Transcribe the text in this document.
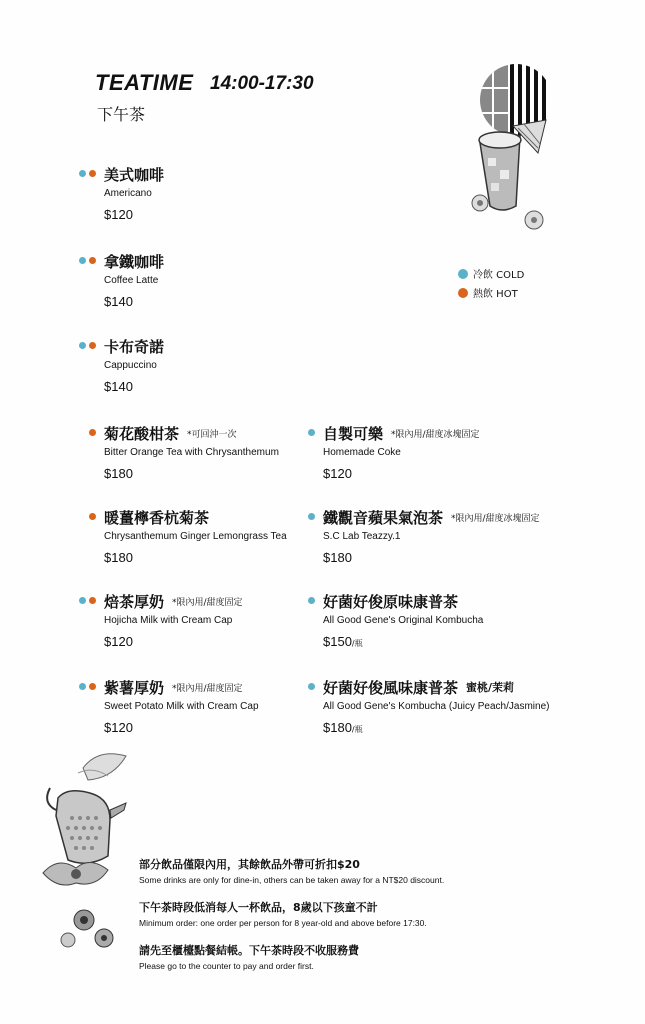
TEATIME 14:00-17:30
下午茶
冷飲 COLD
熱飲 HOT
美式咖啡
Americano
$120
拿鐵咖啡
Coffee Latte
$140
卡布奇諾
Cappuccino
$140
菊花酸柑茶 *可回沖一次
Bitter Orange Tea with Chrysanthemum
$180
暖薑檸香杭菊茶
Chrysanthemum Ginger Lemongrass Tea
$180
焙茶厚奶 *限內用/甜度固定
Hojicha Milk with Cream Cap
$120
紫薯厚奶 *限內用/甜度固定
Sweet Potato Milk with Cream Cap
$120
自製可樂 *限內用/甜度冰塊固定
Homemade Coke
$120
鐵觀音蘋果氣泡茶 *限內用/甜度冰塊固定
S.C Lab Teazzy.1
$180
好菌好俊原味康普茶
All Good Gene's Original Kombucha
$150/瓶
好菌好俊風味康普茶 蜜桃/茉莉
All Good Gene's Kombucha (Juicy Peach/Jasmine)
$180/瓶
部分飲品僅限內用，其餘飲品外帶可折扣$20
Some drinks are only for dine-in, others can be taken away for a NT$20 discount.
下午茶時段低消每人一杯飲品，8歲以下孩童不計
Minimum order: one order per person for 8 year-old and above before 17:30.
請先至櫃檯點餐結帳。下午茶時段不收服務費
Please go to the counter to pay and order first.
